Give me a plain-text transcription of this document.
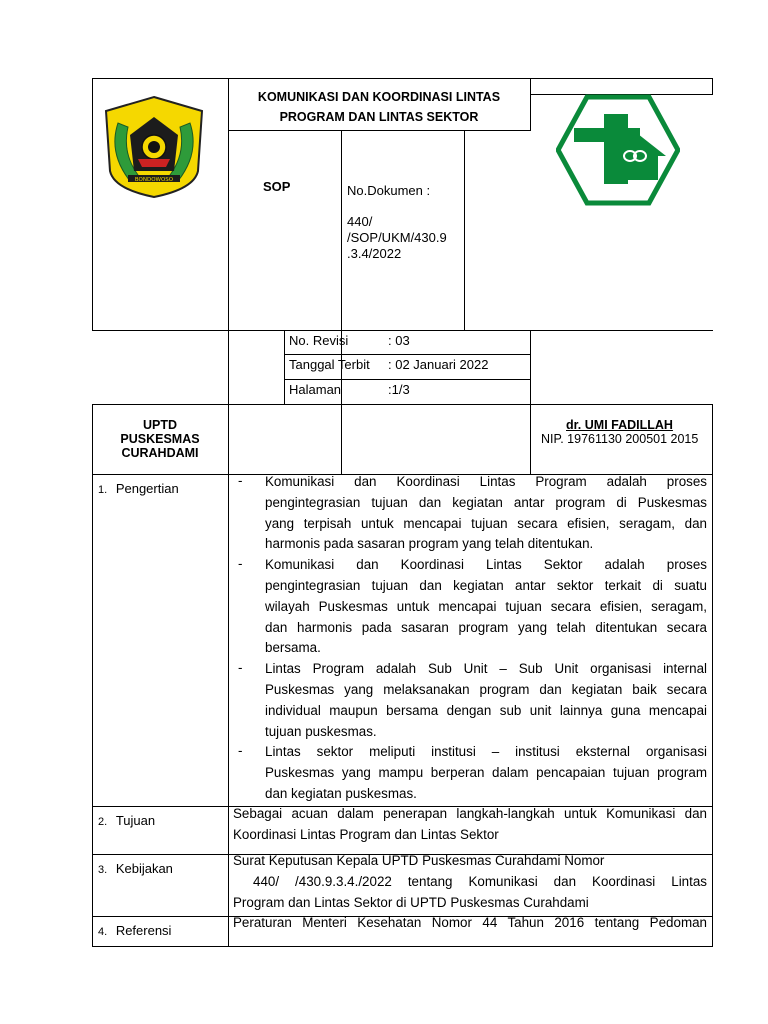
BONDOWOSO
KOMUNIKASI DAN KOORDINASI LINTAS
PROGRAM DAN LINTAS SEKTOR
SOP	No.Dokumen :
440/
/SOP/UKM/430.9
.3.4/2022
No. Revisi	: 03
Tanggal Terbit : 02 Januari 2022
Halaman	:1/3
UPTD
PUSKESMAS
CURAHDAMI
dr. UMI FADILLAH
NIP. 19761130 200501 2015
1. Pengertian
- Komunikasi dan Koordinasi Lintas Program adalah proses
pengintegrasian tujuan dan kegiatan antar program di Puskesmas
yang terpisah untuk mencapai tujuan secara efisien, seragam, dan
harmonis pada sasaran program yang telah ditentukan.
- Komunikasi dan Koordinasi Lintas Sektor adalah proses
pengintegrasian tujuan dan kegiatan antar sektor terkait di suatu
wilayah Puskesmas untuk mencapai tujuan secara efisien, seragam,
dan harmonis pada sasaran program yang telah ditentukan secara
bersama.
- Lintas Program adalah Sub Unit – Sub Unit organisasi internal
Puskesmas yang melaksanakan program dan kegiatan baik secara
individual maupun bersama dengan sub unit lainnya guna mencapai
tujuan puskesmas.
- Lintas sektor meliputi institusi – institusi eksternal organisasi
Puskesmas yang mampu berperan dalam pencapaian tujuan program
dan kegiatan puskesmas.
2. Tujuan	Sebagai acuan dalam penerapan langkah-langkah untuk Komunikasi dan
Koordinasi Lintas Program dan Lintas Sektor
3. Kebijakan
Surat Keputusan Kepala UPTD Puskesmas Curahdami Nomor
440/ /430.9.3.4./2022 tentang Komunikasi dan Koordinasi Lintas
Program dan Lintas Sektor di UPTD Puskesmas Curahdami
4. Referensi
Peraturan Menteri Kesehatan Nomor 44 Tahun 2016 tentang Pedoman
